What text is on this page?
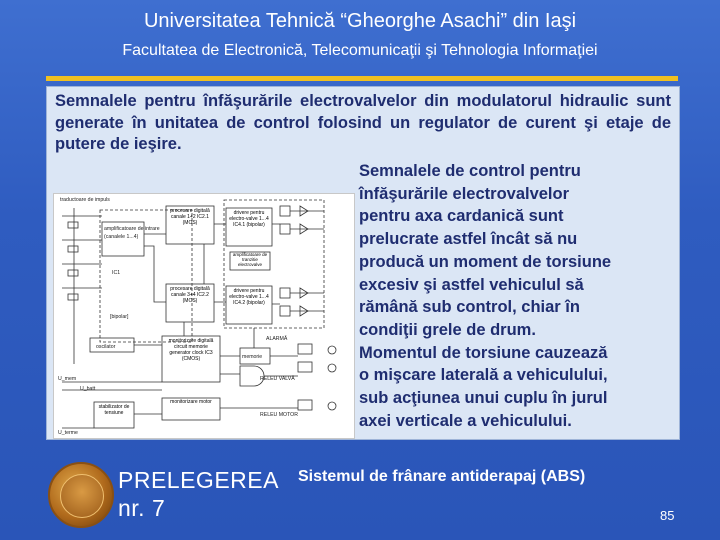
Universitatea Tehnică “Gheorghe Asachi” din Iaşi
Facultatea de Electronică, Telecomunicaţii şi Tehnologia Informaţiei
Semnalele pentru înfăşurările electrovalvelor din modulatorul hidraulic sunt generate în unitatea de control folosind un regulator de curent şi etaje de putere de ieşire.

Semnalele de control pentru

înfăşurările electrovalvelor

pentru axa cardanică sunt

prelucrate astfel încât să nu

producă un moment de torsiune

excesiv şi astfel vehiculul să

rămână sub control, chiar în

condiţii grele de drum.

Momentul de torsiune cauzează

o mişcare laterală a vehiculului,

sub acţiunea unui cuplu în jurul

axei verticale a vehiculului.

traductoare de impuls
amplificatoare de intrare
(canalele 1...4)
IC1
[bipolar]
procesare digitală canale 1+2 IC2.1 (MOS)
procesare digitală canale 3+4 IC2.2 (MOS)
drivere pentru electro-valve 1...4 IC4.1 (bipolar)
drivere pentru electro-valve 1...4 IC4.2 (bipolar)
amplificatoare de tranzitie electrovalve
oscilator
monitorizare digitală circuit memorie generator clock IC3 (CMOS)	memorie
ALARMĂ
RELEU VALVĂ
RELEU MOTOR
monitorizare motor
stabilizator de tensiune
U_mem
U_batt
U_terme
PRELEGEREA
nr. 7
Sistemul de frânare antiderapaj (ABS)
85
